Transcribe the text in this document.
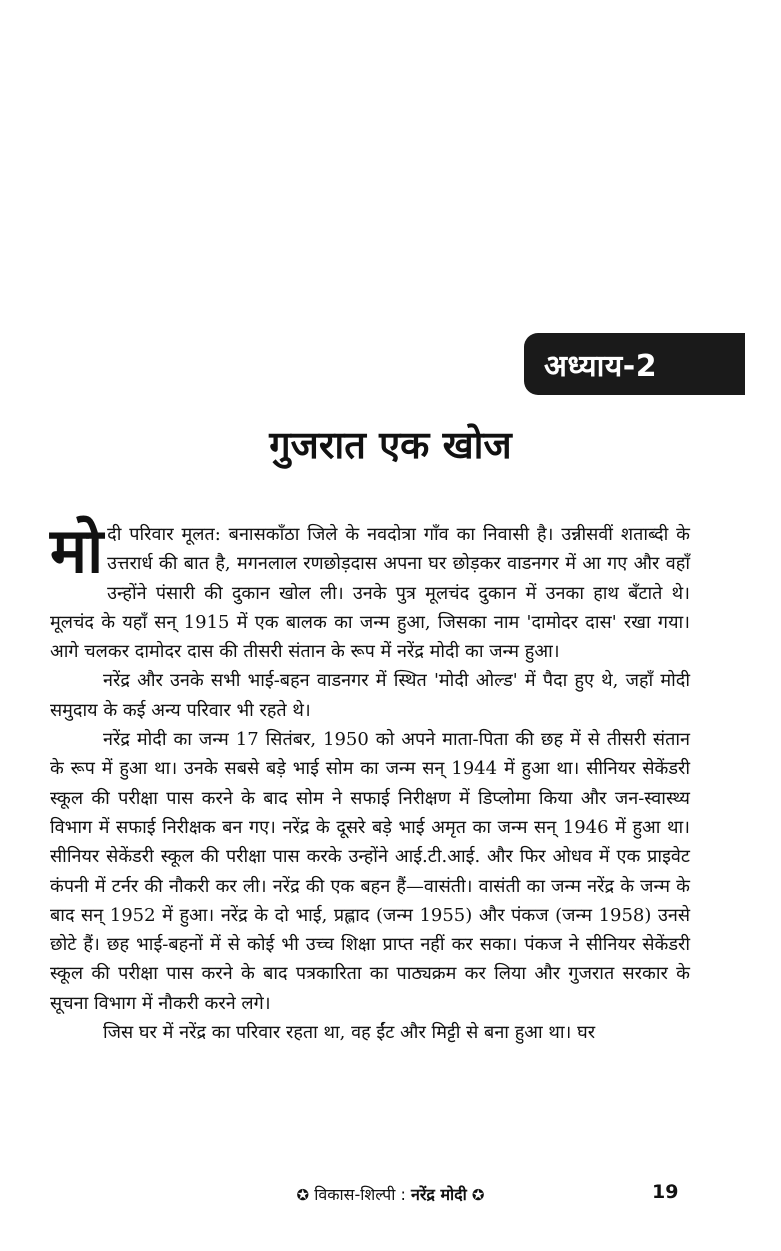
अध्याय-2
गुजरात एक खोज

मोदी परिवार मूलत: बनासकाँठा जिले के नवदोत्रा गाँव का निवासी है। उन्नीसवीं शताब्दी के उत्तरार्ध की बात है, मगनलाल रणछोड़दास अपना घर छोड़कर वाडनगर में आ गए और वहाँ उन्होंने पंसारी की दुकान खोल ली। उनके पुत्र मूलचंद दुकान में उनका हाथ बँटाते थे। मूलचंद के यहाँ सन् 1915 में एक बालक का जन्म हुआ, जिसका नाम 'दामोदर दास' रखा गया। आगे चलकर दामोदर दास की तीसरी संतान के रूप में नरेंद्र मोदी का जन्म हुआ।

नरेंद्र और उनके सभी भाई-बहन वाडनगर में स्थित 'मोदी ओल्ड' में पैदा हुए थे, जहाँ मोदी समुदाय के कई अन्य परिवार भी रहते थे।

नरेंद्र मोदी का जन्म 17 सितंबर, 1950 को अपने माता-पिता की छह में से तीसरी संतान के रूप में हुआ था। उनके सबसे बड़े भाई सोम का जन्म सन् 1944 में हुआ था। सीनियर सेकेंडरी स्कूल की परीक्षा पास करने के बाद सोम ने सफाई निरीक्षण में डिप्लोमा किया और जन-स्वास्थ्य विभाग में सफाई निरीक्षक बन गए। नरेंद्र के दूसरे बड़े भाई अमृत का जन्म सन् 1946 में हुआ था। सीनियर सेकेंडरी स्कूल की परीक्षा पास करके उन्होंने आई.टी.आई. और फिर ओधव में एक प्राइवेट कंपनी में टर्नर की नौकरी कर ली। नरेंद्र की एक बहन हैं—वासंती। वासंती का जन्म नरेंद्र के जन्म के बाद सन् 1952 में हुआ। नरेंद्र के दो भाई, प्रह्लाद (जन्म 1955) और पंकज (जन्म 1958) उनसे छोटे हैं। छह भाई-बहनों में से कोई भी उच्च शिक्षा प्राप्त नहीं कर सका। पंकज ने सीनियर सेकेंडरी स्कूल की परीक्षा पास करने के बाद पत्रकारिता का पाठ्यक्रम कर लिया और गुजरात सरकार के सूचना विभाग में नौकरी करने लगे।

जिस घर में नरेंद्र का परिवार रहता था, वह ईंट और मिट्टी से बना हुआ था। घर

✪ विकास-शिल्पी : नरेंद्र मोदी ✪	19
